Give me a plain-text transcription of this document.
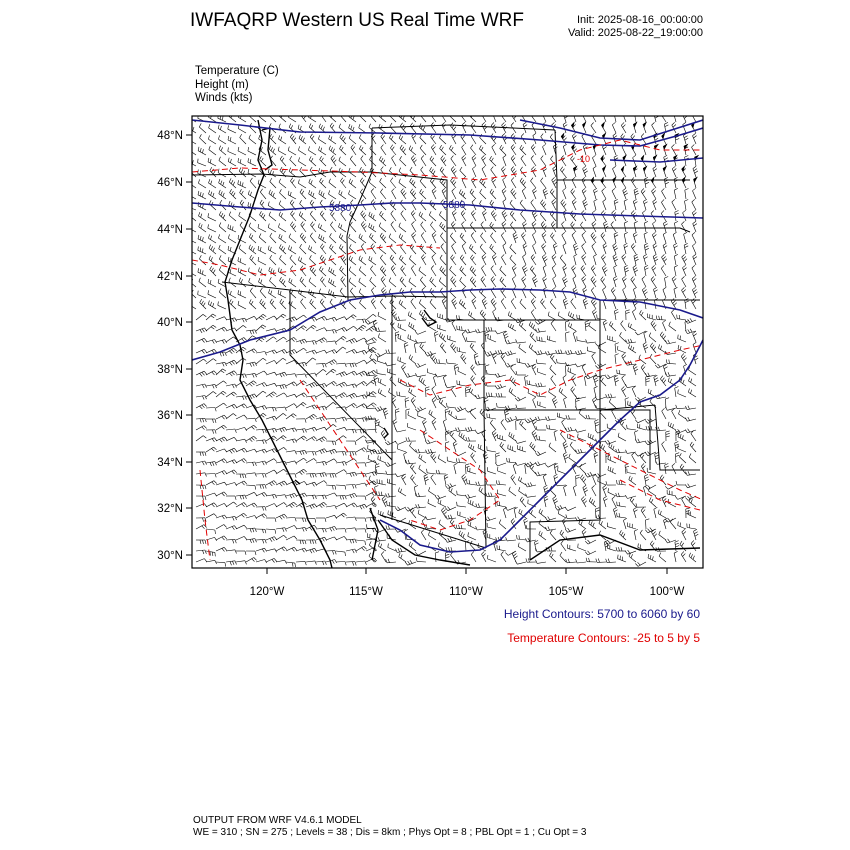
IWFAQRP Western US Real Time WRF	Init: 2025-08-16_00:00:00
Valid: 2025-08-22_19:00:00
Temperature (C)
Height (m)
Winds (kts)
5880	5880
-10
48°N
46°N
44°N
42°N
40°N
38°N
36°N
34°N
32°N
30°N
120°W	115°W	110°W	105°W	100°W
Height Contours: 5700 to 6060 by 60
Temperature Contours: -25 to 5 by 5
OUTPUT FROM WRF V4.6.1 MODEL
WE = 310 ; SN = 275 ; Levels = 38 ; Dis = 8km ; Phys Opt = 8 ; PBL Opt = 1 ; Cu Opt = 3
